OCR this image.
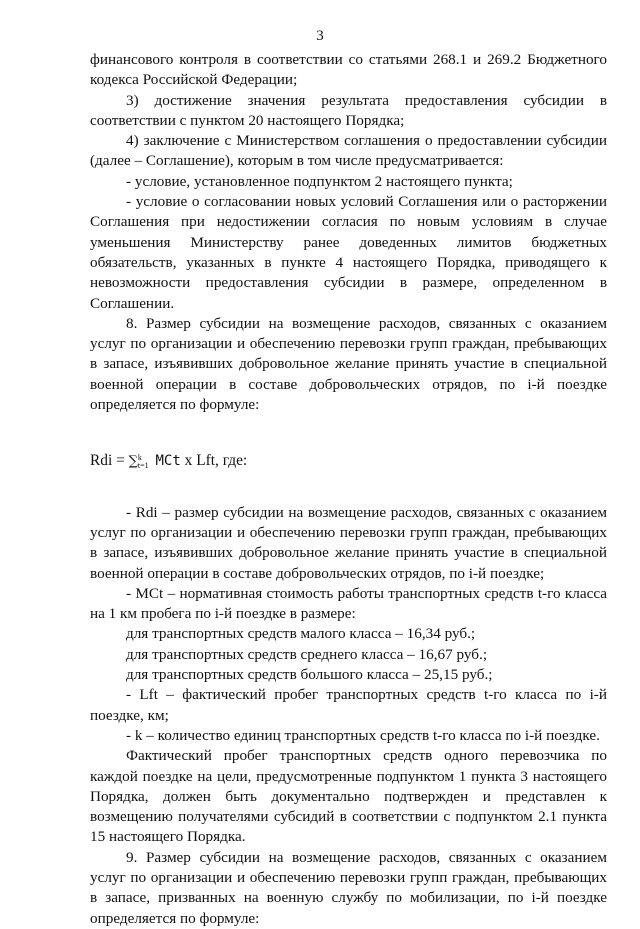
3

финансового контроля в соответствии со статьями 268.1 и 269.2 Бюджетного кодекса Российской Федерации;

3) достижение значения результата предоставления субсидии в соответствии с пунктом 20 настоящего Порядка;

4) заключение с Министерством соглашения о предоставлении субсидии (далее – Соглашение), которым в том числе предусматривается:

- условие, установленное подпунктом 2 настоящего пункта;

- условие о согласовании новых условий Соглашения или о расторжении Соглашения при недостижении согласия по новым условиям в случае уменьшения Министерству ранее доведенных лимитов бюджетных обязательств, указанных в пункте 4 настоящего Порядка, приводящего к невозможности предоставления субсидии в размере, определенном в Соглашении.

8. Размер субсидии на возмещение расходов, связанных с оказанием услуг по организации и обеспечению перевозки групп граждан, пребывающих в запасе, изъявивших добровольное желание принять участие в специальной военной операции в составе добровольческих отрядов, по i-й поездке определяется по формуле:

Rdi = ∑k
t=1 MCt x Lft, где:

- Rdi – размер субсидии на возмещение расходов, связанных с оказанием услуг по организации и обеспечению перевозки групп граждан, пребывающих в запасе, изъявивших добровольное желание принять участие в специальной военной операции в составе добровольческих отрядов, по i-й поездке;

- MCt – нормативная стоимость работы транспортных средств t-го класса на 1 км пробега по i-й поездке в размере:

для транспортных средств малого класса – 16,34 руб.;

для транспортных средств среднего класса – 16,67 руб.;

для транспортных средств большого класса – 25,15 руб.;

- Lft – фактический пробег транспортных средств t-го класса по i-й поездке, км;

- k – количество единиц транспортных средств t-го класса по i-й поездке.

Фактический пробег транспортных средств одного перевозчика по каждой поездке на цели, предусмотренные подпунктом 1 пункта 3 настоящего Порядка, должен быть документально подтвержден и представлен к возмещению получателями субсидий в соответствии с подпунктом 2.1 пункта 15 настоящего Порядка.

9. Размер субсидии на возмещение расходов, связанных с оказанием услуг по организации и обеспечению перевозки групп граждан, пребывающих в запасе, призванных на военную службу по мобилизации, по i-й поездке определяется по формуле:
